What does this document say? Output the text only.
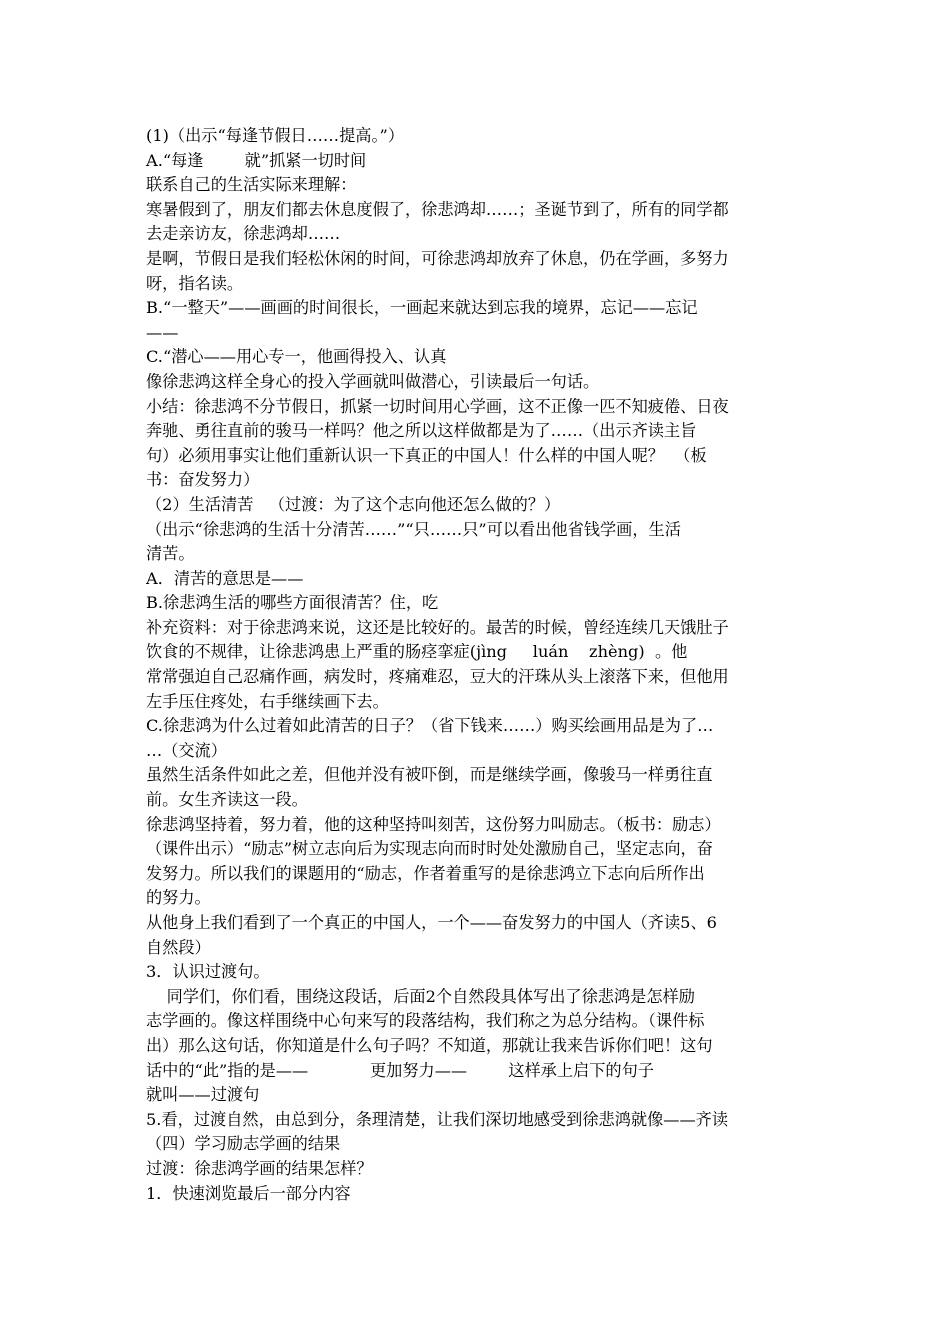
(1)（出示“每逢节假日……提高。”）
A.“每逢        就”抓紧一切时间
联系自己的生活实际来理解：
寒暑假到了，朋友们都去休息度假了，徐悲鸿却……；圣诞节到了，所有的同学都
去走亲访友，徐悲鸿却……
是啊，节假日是我们轻松休闲的时间，可徐悲鸿却放弃了休息，仍在学画，多努力
呀，指名读。
B.“一整天”——画画的时间很长，一画起来就达到忘我的境界，忘记——忘记
——
C.“潜心——用心专一，他画得投入、认真
像徐悲鸿这样全身心的投入学画就叫做潜心，引读最后一句话。
小结：徐悲鸿不分节假日，抓紧一切时间用心学画，这不正像一匹不知疲倦、日夜
奔驰、勇往直前的骏马一样吗？他之所以这样做都是为了……（出示齐读主旨
句）必须用事实让他们重新认识一下真正的中国人！什么样的中国人呢？  （板
书：奋发努力）
（2）生活清苦   （过渡：为了这个志向他还怎么做的？）
（出示“徐悲鸿的生活十分清苦……”“只……只”可以看出他省钱学画，生活
清苦。
A．清苦的意思是——
B.徐悲鸿生活的哪些方面很清苦？住，吃
补充资料：对于徐悲鸿来说，这还是比较好的。最苦的时候，曾经连续几天饿肚子
饮食的不规律，让徐悲鸿患上严重的肠痉挛症(jìng     luán    zhèng)  。他
常常强迫自己忍痛作画，病发时，疼痛难忍，豆大的汗珠从头上滚落下来，但他用
左手压住疼处，右手继续画下去。
C.徐悲鸿为什么过着如此清苦的日子？（省下钱来……）购买绘画用品是为了…
…（交流）
虽然生活条件如此之差，但他并没有被吓倒，而是继续学画，像骏马一样勇往直
前。女生齐读这一段。
徐悲鸿坚持着，努力着，他的这种坚持叫刻苦，这份努力叫励志。（板书：励志）
（课件出示）“励志”树立志向后为实现志向而时时处处激励自己，坚定志向，奋
发努力。所以我们的课题用的“励志，作者着重写的是徐悲鸿立下志向后所作出
的努力。
从他身上我们看到了一个真正的中国人，一个——奋发努力的中国人（齐读5、6
自然段）
3．认识过渡句。
同学们，你们看，围绕这段话，后面2个自然段具体写出了徐悲鸿是怎样励
志学画的。像这样围绕中心句来写的段落结构，我们称之为总分结构。（课件标
出）那么这句话，你知道是什么句子吗？不知道，那就让我来告诉你们吧！这句
话中的“此”指的是——            更加努力——        这样承上启下的句子
就叫——过渡句
5.看，过渡自然，由总到分，条理清楚，让我们深切地感受到徐悲鸿就像——齐读
（四）学习励志学画的结果
过渡：徐悲鸿学画的结果怎样？
1．快速浏览最后一部分内容
